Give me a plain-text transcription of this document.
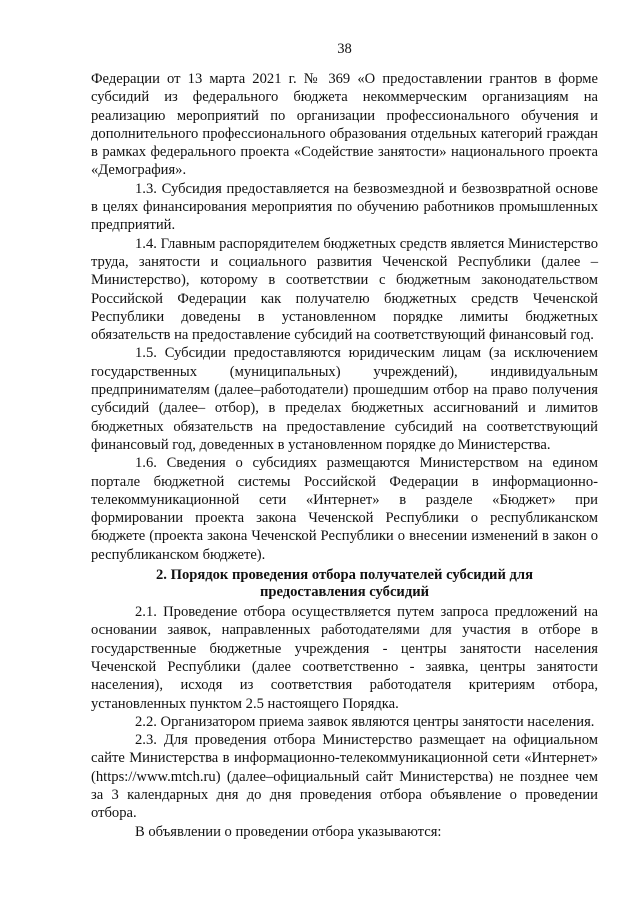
38

Федерации от 13 марта 2021 г. № 369 «О предоставлении грантов в форме субсидий из федерального бюджета некоммерческим организациям на реализацию мероприятий по организации профессионального обучения и дополнительного профессионального образования отдельных категорий граждан в рамках федерального проекта «Содействие занятости» национального проекта «Демография».

1.3. Субсидия предоставляется на безвозмездной и безвозвратной основе в целях финансирования мероприятия по обучению работников промышленных предприятий.

1.4. Главным распорядителем бюджетных средств является Министерство труда, занятости и социального развития Чеченской Республики (далее – Министерство), которому в соответствии с бюджетным законодательством Российской Федерации как получателю бюджетных средств Чеченской Республики доведены в установленном порядке лимиты бюджетных обязательств на предоставление субсидий на соответствующий финансовый год.

1.5. Субсидии предоставляются юридическим лицам (за исключением государственных (муниципальных) учреждений), индивидуальным предпринимателям (далее–работодатели) прошедшим отбор на право получения субсидий (далее– отбор), в пределах бюджетных ассигнований и лимитов бюджетных обязательств на предоставление субсидий на соответствующий финансовый год, доведенных в установленном порядке до Министерства.

1.6. Сведения о субсидиях размещаются Министерством на едином портале бюджетной системы Российской Федерации в информационно-телекоммуникационной сети «Интернет» в разделе «Бюджет» при формировании проекта закона Чеченской Республики о республиканском бюджете (проекта закона Чеченской Республики о внесении изменений в закон о республиканском бюджете).

2. Порядок проведения отбора получателей субсидий для
предоставления субсидий

2.1. Проведение отбора осуществляется путем запроса предложений на основании заявок, направленных работодателями для участия в отборе в государственные бюджетные учреждения - центры занятости населения Чеченской Республики (далее соответственно - заявка, центры занятости населения), исходя из соответствия работодателя критериям отбора, установленных пунктом 2.5 настоящего Порядка.

2.2. Организатором приема заявок являются центры занятости населения.

2.3. Для проведения отбора Министерство размещает на официальном сайте Министерства в информационно-телекоммуникационной сети «Интернет» (https://www.mtch.ru) (далее–официальный сайт Министерства) не позднее чем за 3 календарных дня до дня проведения отбора объявление о проведении отбора.

В объявлении о проведении отбора указываются:
